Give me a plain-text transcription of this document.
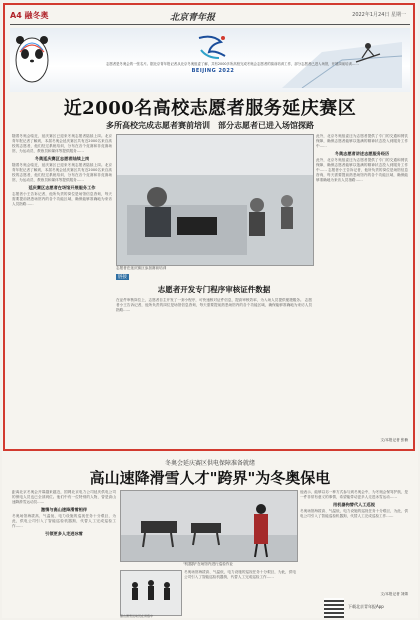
A4 融冬奥	北京青年报	2022年1月24日 星期一
BEIJING 2022
志愿者是冬奥会的一张名片。据北京青年报记者从北京冬奥组委了解，共有2000多所高校完成冬奥会志愿者的赛前培训工作，部分志愿者已进入场馆，开展岗前培训……
近2000名高校志愿者服务延庆赛区
多所高校完成志愿者赛前培训　部分志愿者已进入场馆探路
随着冬奥会临近，延庆赛区已迎来冬奥志愿者陆续上岗。北京青年报记者了解到，本届冬奥会延庆赛区共有近2000名来自高校的志愿者，他们经过系统培训，分布在各个竞赛和非竞赛场馆，为运动员、教练员和媒体等提供服务……
冬奥延庆赛区志愿者陆续上岗
随着冬奥会临近，延庆赛区已迎来冬奥志愿者陆续上岗。北京青年报记者了解到，本届冬奥会延庆赛区共有近2000名来自高校的志愿者，他们经过系统培训，分布在各个竞赛和非竞赛场馆，为运动员、教练员和媒体等提供服务……
延庆赛区志愿者在场馆开展服务工作
志愿者小王告诉记者，他所负责的岗位是场馆信息咨询，每天需要提前熟悉场馆内的各个功能区域，确保能够准确地为来访人员指路……
志愿者在延庆赛区参加赛前培训
此外，北京冬奥组委还为志愿者提供了专门的交通和餐饮保障，确保志愿者能够以饱满的精神状态投入到服务工作中……
冬奥志愿者讲述志愿服务经历
此外，北京冬奥组委还为志愿者提供了专门的交通和餐饮保障，确保志愿者能够以饱满的精神状态投入到服务工作中…… 志愿者小王告诉记者，他所负责的岗位是场馆信息咨询，每天需要提前熟悉场馆内的各个功能区域，确保能够准确地为来访人员指路……
链接
志愿者开发专门程序审核证件数据
在证件审核岗位上，志愿者自主开发了一套小程序，可快速核对证件信息，提高审核效率，为入场人员提供便捷服务。 志愿者小王告诉记者，他所负责的岗位是场馆信息咨询，每天需要提前熟悉场馆内的各个功能区域，确保能够准确地为来访人员指路……
文/本报记者 张楠
冬奥会延庆赛区供电保障准备就绪
高山速降滑雪人才"跨界"为冬奥保电
距离北京冬奥会开幕越来越近，国网北京电力公司延庆供电公司的保电人员也已全部到位。他们中有一位特别的人物，曾是高山速降滑雪运动员……
激情与高山速降滑雪相伴
冬奥场馆海拔高、气温低，电力设施的巡视任务十分艰巨，为此，供电公司引入了智能巡检机器狗，代替人工完成巡检工作……
引领更多人走进冰雪
"机器狗"在场馆内进行巡检作业
高山滑雪运动员在训练中
冬奥场馆海拔高、气温低，电力设施的巡视任务十分艰巨，为此，供电公司引入了智能巡检机器狗，代替人工完成巡检工作……
他表示，能够以另一种方式参与到冬奥会中，为冬奥会保驾护航，是一件非常有意义的事情，希望能带动更多人走进冰雪运动……
用机器狗替代人工巡视
冬奥场馆海拔高、气温低，电力设施的巡视任务十分艰巨，为此，供电公司引入了智能巡检机器狗，代替人工完成巡检工作……
文/本报记者 刘婧
下载北京青年报App
